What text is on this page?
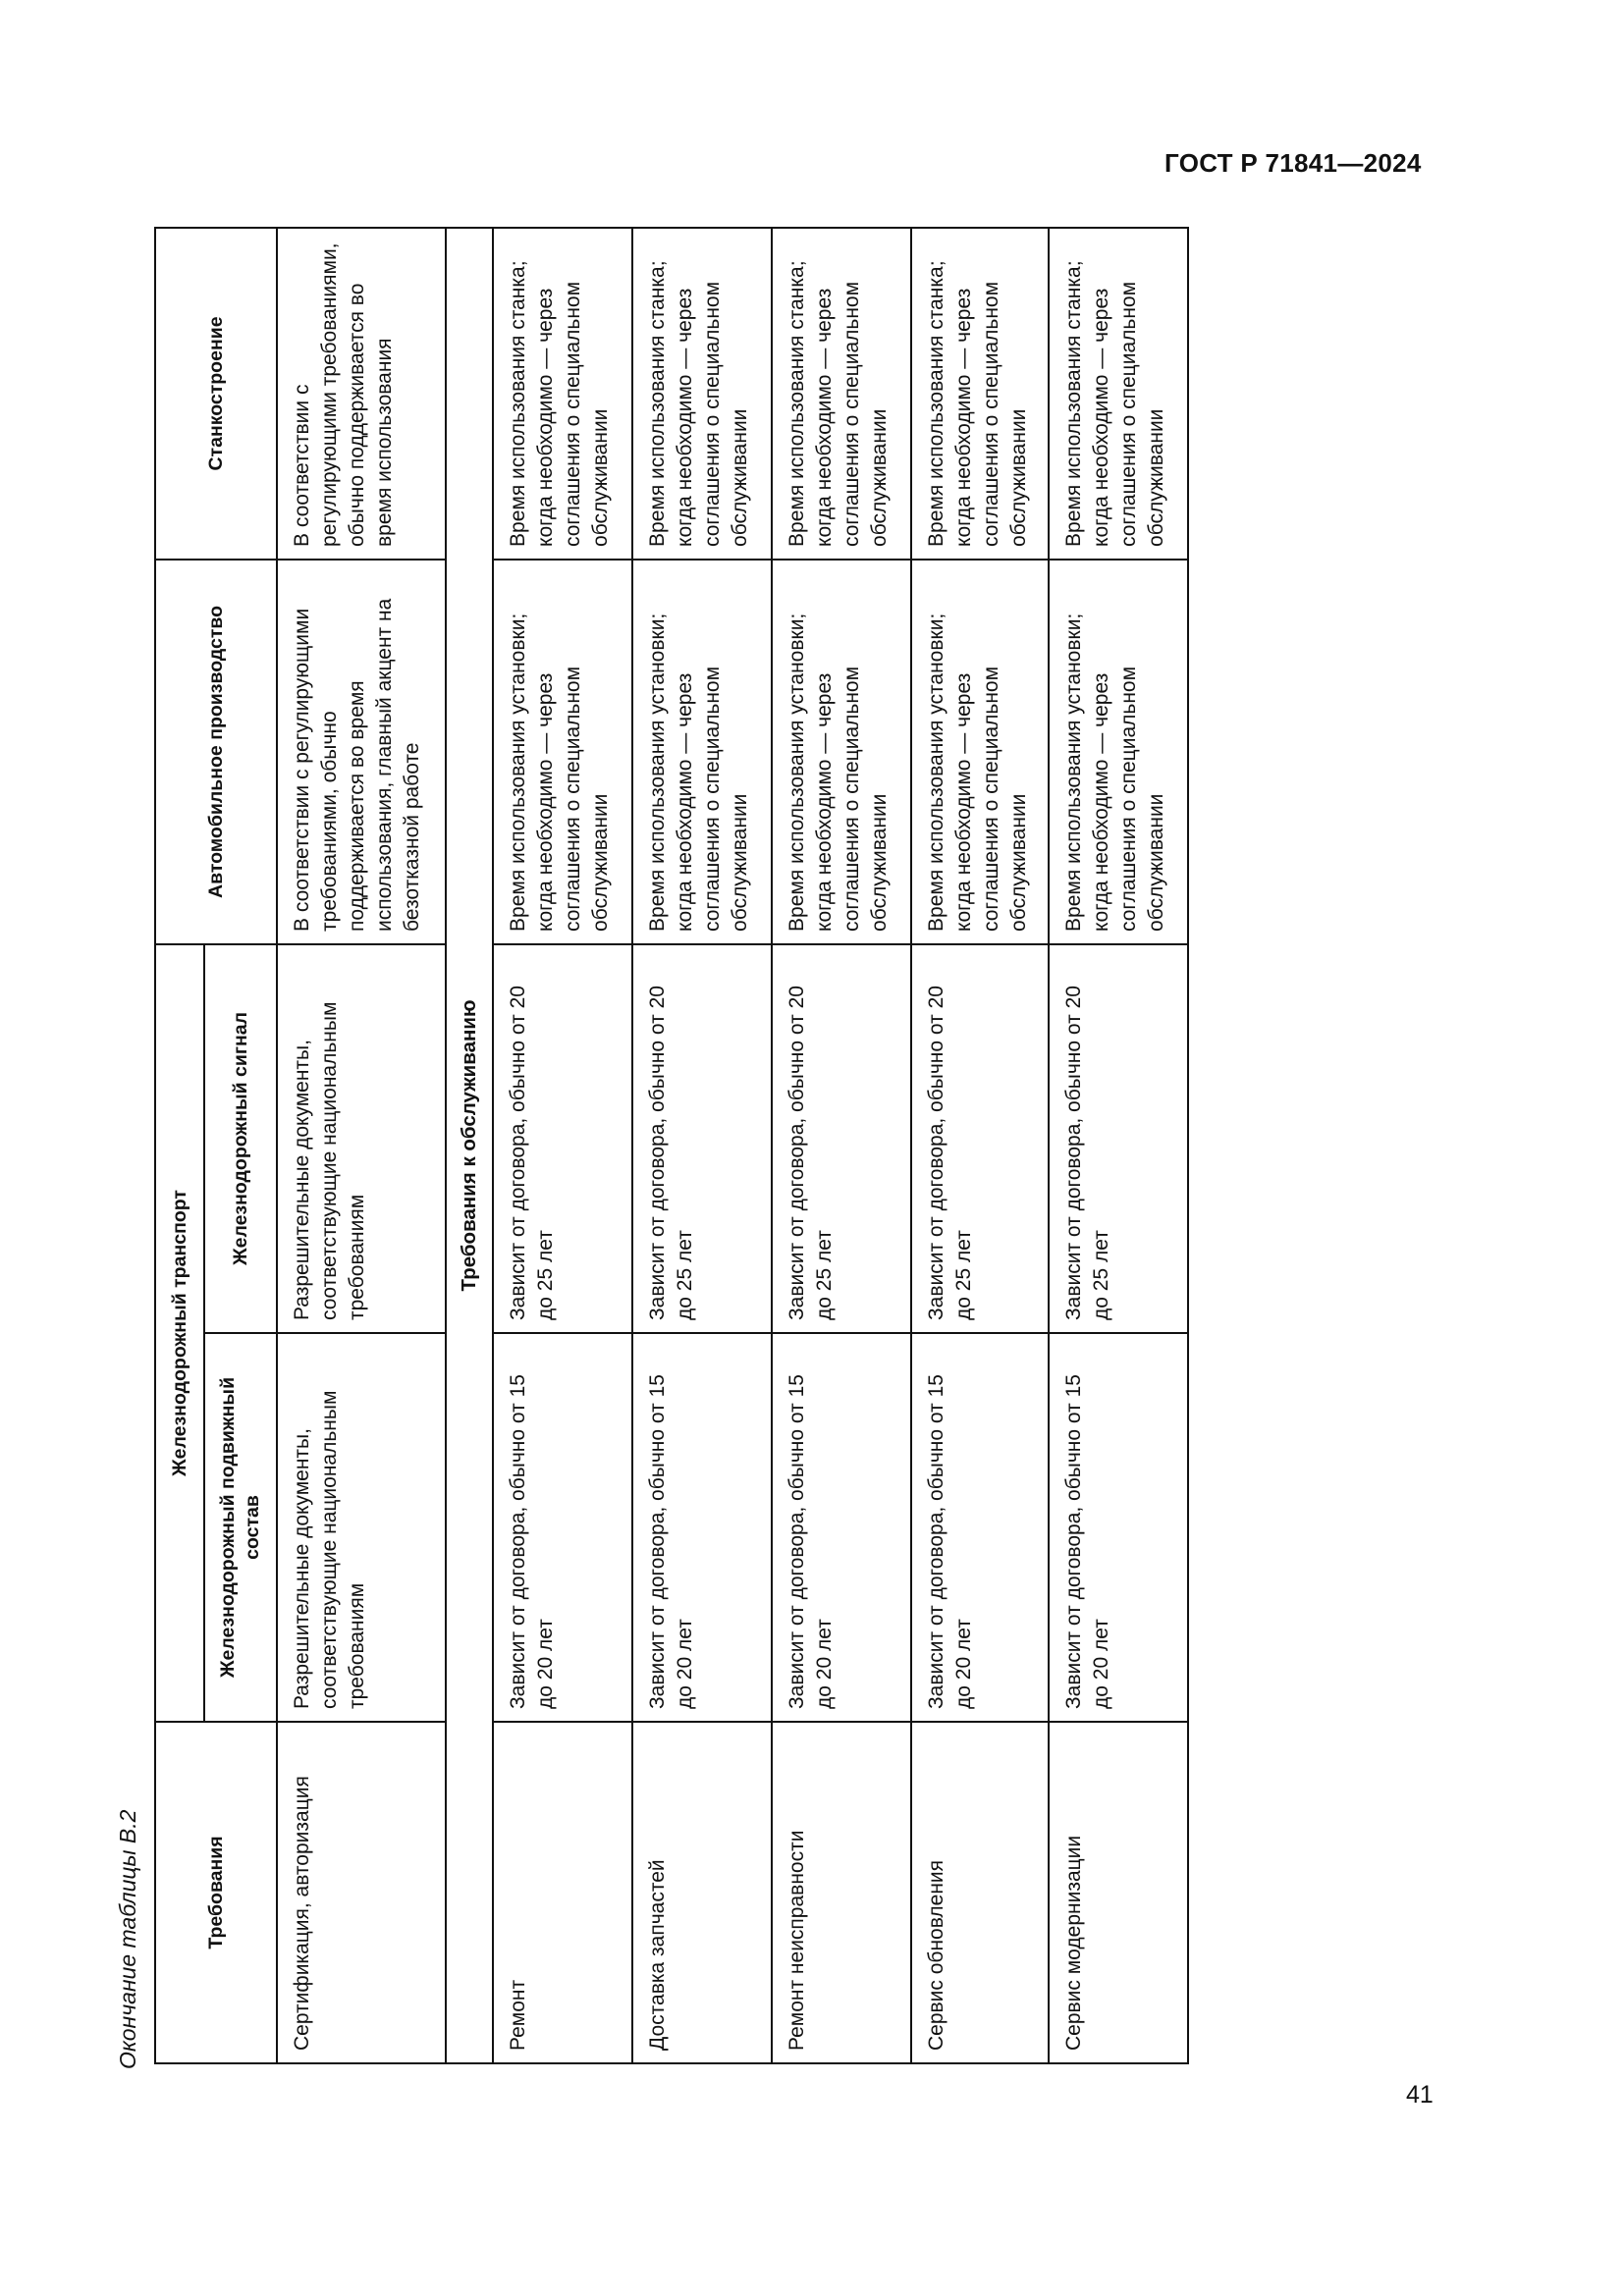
ГОСТ Р 71841—2024
Окончание таблицы В.2	Требования	Железнодорожный транспорт		Автомобильное производство	Станкостроение
	Железнодорожный подвижный состав	Железнодорожный сигнал		
Сертификация, авторизация	Разрешительные документы, соответствующие национальным требованиям	Разрешительные документы, соответствующие национальным требованиям	В соответствии с регулирующими требованиями, обычно поддерживается во время использования, главный акцент на безотказной работе	В соответствии с регулирующими требованиями, обычно поддерживается во время использования
Требования к обслуживанию				
Ремонт	Зависит от договора, обычно от 15 до 20 лет	Зависит от договора, обычно от 20 до 25 лет	Время использования установки; когда необходимо — через соглашения о специальном обслуживании	Время использования станка; когда необходимо — через соглашения о специальном обслуживании
Доставка запчастей	Зависит от договора, обычно от 15 до 20 лет	Зависит от договора, обычно от 20 до 25 лет	Время использования установки; когда необходимо — через соглашения о специальном обслуживании	Время использования станка; когда необходимо — через соглашения о специальном обслуживании
Ремонт неисправности	Зависит от договора, обычно от 15 до 20 лет	Зависит от договора, обычно от 20 до 25 лет	Время использования установки; когда необходимо — через соглашения о специальном обслуживании	Время использования станка; когда необходимо — через соглашения о специальном обслуживании
Сервис обновления	Зависит от договора, обычно от 15 до 20 лет	Зависит от договора, обычно от 20 до 25 лет	Время использования установки; когда необходимо — через соглашения о специальном обслуживании	Время использования станка; когда необходимо — через соглашения о специальном обслуживании
Сервис модернизации	Зависит от договора, обычно от 15 до 20 лет	Зависит от договора, обычно от 20 до 25 лет	Время использования установки; когда необходимо — через соглашения о специальном обслуживании	Время использования станка; когда необходимо — через соглашения о специальном обслуживании
41
